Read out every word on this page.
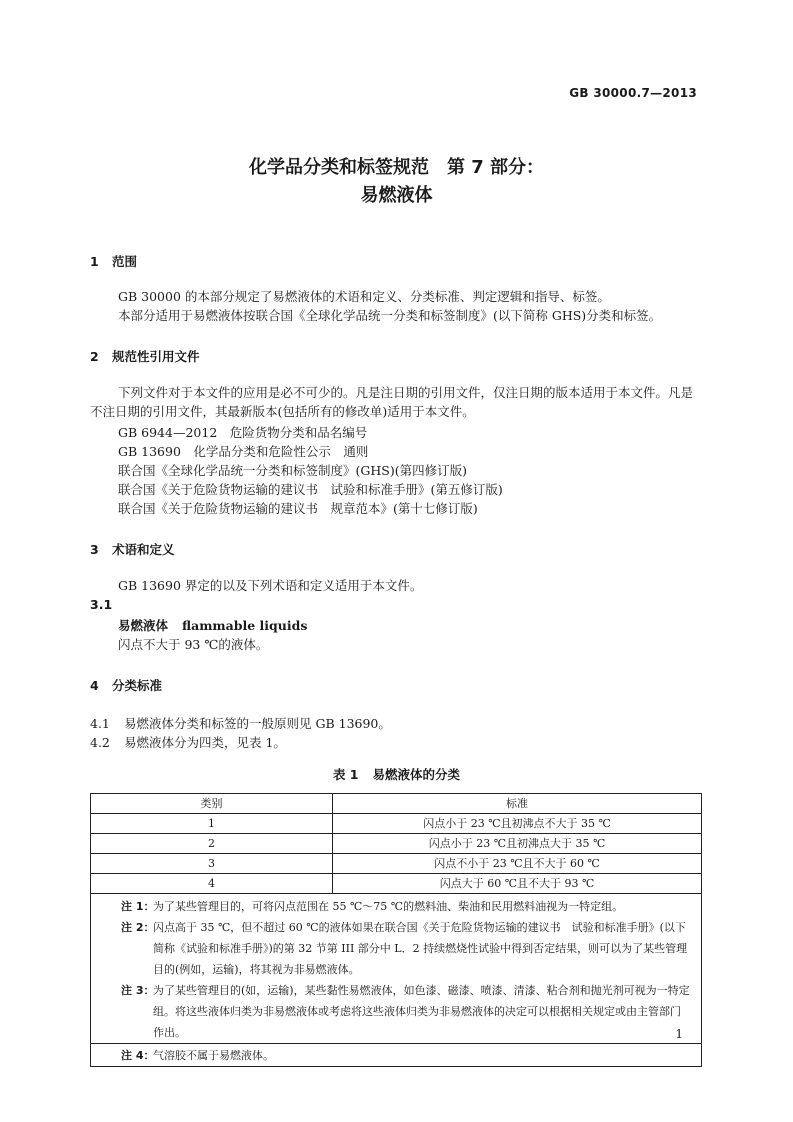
GB 30000.7—2013
化学品分类和标签规范　第 7 部分：
易燃液体
1 范围
GB 30000 的本部分规定了易燃液体的术语和定义、分类标准、判定逻辑和指导、标签。
本部分适用于易燃液体按联合国《全球化学品统一分类和标签制度》(以下简称 GHS)分类和标签。
2 规范性引用文件
下列文件对于本文件的应用是必不可少的。凡是注日期的引用文件，仅注日期的版本适用于本文件。凡是不注日期的引用文件，其最新版本(包括所有的修改单)适用于本文件。
GB 6944—2012　危险货物分类和品名编号
GB 13690　化学品分类和危险性公示　通则
联合国《全球化学品统一分类和标签制度》(GHS)(第四修订版)
联合国《关于危险货物运输的建议书　试验和标准手册》(第五修订版)
联合国《关于危险货物运输的建议书　规章范本》(第十七修订版)
3 术语和定义
GB 13690 界定的以及下列术语和定义适用于本文件。
3.1
易燃液体 flammable liquids
闪点不大于 93 ℃的液体。
4 分类标准
4.1 易燃液体分类和标签的一般原则见 GB 13690。
4.2 易燃液体分为四类，见表 1。
表 1 易燃液体的分类
类别	标准
1	闪点小于 23 ℃且初沸点不大于 35 ℃
2	闪点小于 23 ℃且初沸点大于 35 ℃
3	闪点不小于 23 ℃且不大于 60 ℃
4	闪点大于 60 ℃且不大于 93 ℃
注 1：
为了某些管理目的，可将闪点范围在 55 ℃～75 ℃的燃料油、柴油和民用燃料油视为一特定组。
注 2：
闪点高于 35 ℃，但不超过 60 ℃的液体如果在联合国《关于危险货物运输的建议书　试验和标准手册》(以下简称《试验和标准手册》)的第 32 节第 III 部分中 L．2 持续燃烧性试验中得到否定结果，则可以为了某些管理目的(例如，运输)，将其视为非易燃液体。
注 3：
为了某些管理目的(如，运输)，某些黏性易燃液体，如色漆、磁漆、喷漆、清漆、粘合剂和抛光剂可视为一特定组。将这些液体归类为非易燃液体或考虑将这些液体归类为非易燃液体的决定可以根据相关规定或由主管部门作出。
注 4：
气溶胶不属于易燃液体。
1
